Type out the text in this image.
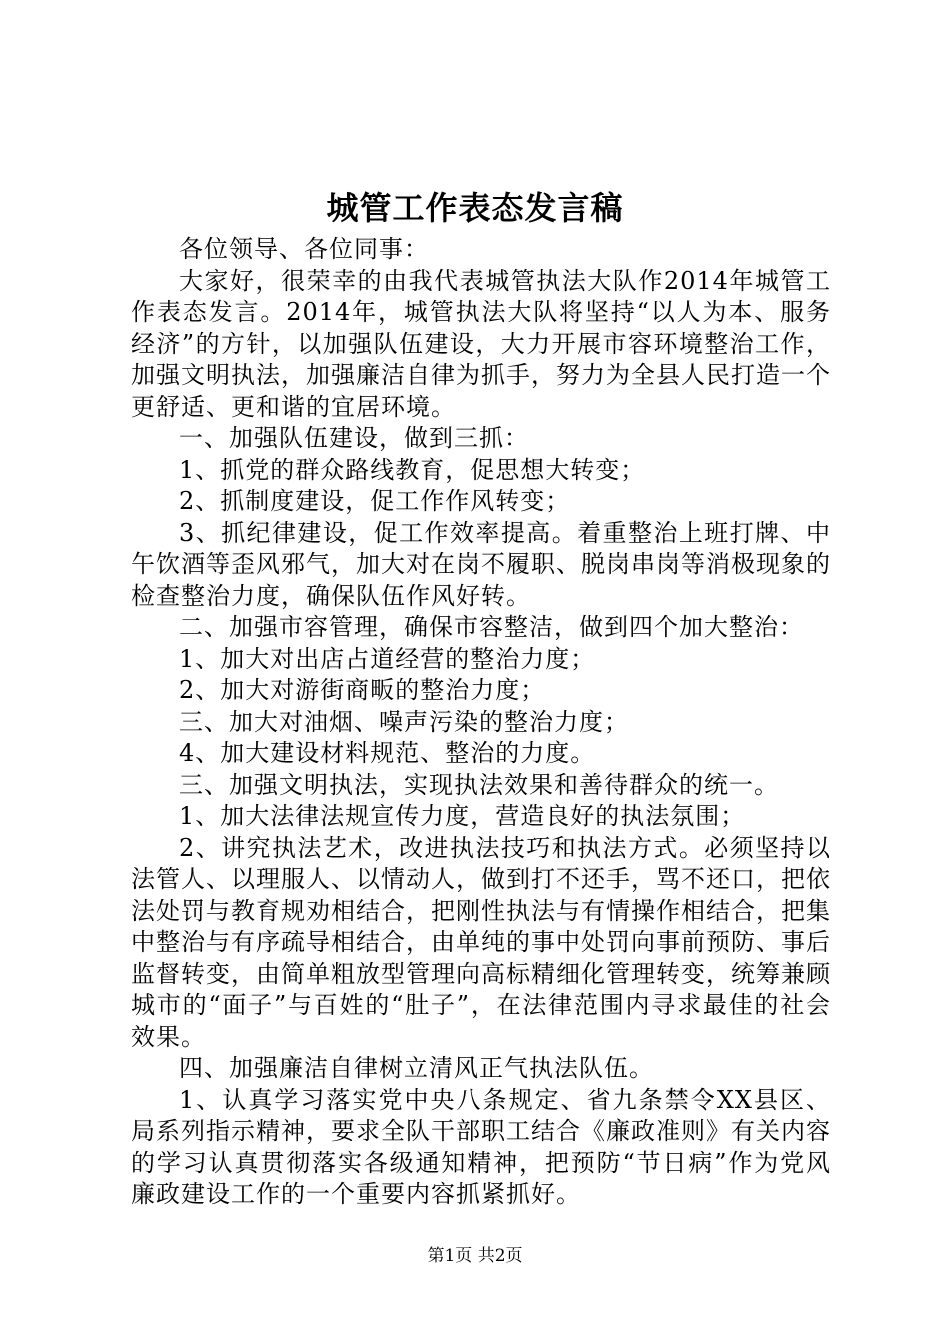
城管工作表态发言稿

各位领导、各位同事：

大家好，很荣幸的由我代表城管执法大队作2014年城管工作表态发言。2014年，城管执法大队将坚持“以人为本、服务经济”的方针，以加强队伍建设，大力开展市容环境整治工作，加强文明执法，加强廉洁自律为抓手，努力为全县人民打造一个更舒适、更和谐的宜居环境。

一、加强队伍建设，做到三抓：

1、抓党的群众路线教育，促思想大转变；

2、抓制度建设，促工作作风转变；

3、抓纪律建设，促工作效率提高。着重整治上班打牌、中午饮酒等歪风邪气，加大对在岗不履职、脱岗串岗等消极现象的检查整治力度，确保队伍作风好转。

二、加强市容管理，确保市容整洁，做到四个加大整治：

1、加大对出店占道经营的整治力度；

2、加大对游街商畈的整治力度；

三、加大对油烟、噪声污染的整治力度；

4、加大建设材料规范、整治的力度。

三、加强文明执法，实现执法效果和善待群众的统一。

1、加大法律法规宣传力度，营造良好的执法氛围；

2、讲究执法艺术，改进执法技巧和执法方式。必须坚持以法管人、以理服人、以情动人，做到打不还手，骂不还口，把依法处罚与教育规劝相结合，把刚性执法与有情操作相结合，把集中整治与有序疏导相结合，由单纯的事中处罚向事前预防、事后监督转变，由简单粗放型管理向高标精细化管理转变，统筹兼顾城市的“面子”与百姓的“肚子”，在法律范围内寻求最佳的社会效果。

四、加强廉洁自律树立清风正气执法队伍。

1、认真学习落实党中央八条规定、省九条禁令XX县区、局系列指示精神，要求全队干部职工结合《廉政准则》有关内容的学习认真贯彻落实各级通知精神，把预防“节日病”作为党风廉政建设工作的一个重要内容抓紧抓好。

第1页 共2页
